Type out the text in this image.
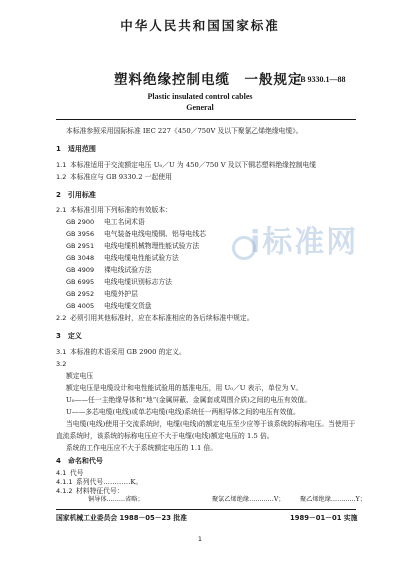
中华人民共和国国家标准
塑料绝缘控制电缆　一般规定
GB 9330.1—88
Plastic insulated control cables
General
本标准参照采用国际标准 IEC 227《450／750V 及以下聚氯乙烯绝缘电缆》。
1　适用范围
1.1 本标准适用于交流额定电压 U₀／U 为 450／750 V 及以下铜芯塑料绝缘控制电缆
1.2 本标准应与 GB 9330.2 一起使用
2　引用标准
2.1 本标准引用下列标准的有效版本：
GB 2900 电工名词术语
GB 3956 电气装备电线电缆铜、铝导电线芯
GB 2951 电线电缆机械物理性能试验方法
GB 3048 电线电缆电性能试验方法
GB 4909 裸电线试验方法
GB 6995 电线电缆识别标志方法
GB 2952 电缆外护层
GB 4005 电线电缆交货盘
2.2 必须引用其他标准时，应在本标准相应的各后续标准中规定。
3　定义
3.1 本标准的术语采用 GB 2900 的定义。
3.2
额定电压
额定电压是电缆设计和电性能试验用的基准电压，用 U₀／U 表示，单位为 V。
U₀——任一主绝缘导体和“地”(金属屏蔽、金属套或周围介质)之间的电压有效值。
U——多芯电缆(电线)或单芯电缆(电线)系统任一两相导体之间的电压有效值。
当电缆(电线)使用于交流系统时，电缆(电线)的额定电压至少应等于该系统的标称电压。当使用于
直流系统时，该系统的标称电压应不大于电缆(电线)额定电压的 1.5 倍。
系统的工作电压应不大于系统额定电压的 1.1 倍。
4　命名和代号
4.1 代号
4.1.1 系列代号…………K。
4.1.2 材料特征代号：
铜导体………省略；	聚氯乙烯绝缘…………V； 聚乙烯绝缘…………Y；
国家机械工业委员会 1988－05－23 批准	1989－01－01 实施
1
i标准网
